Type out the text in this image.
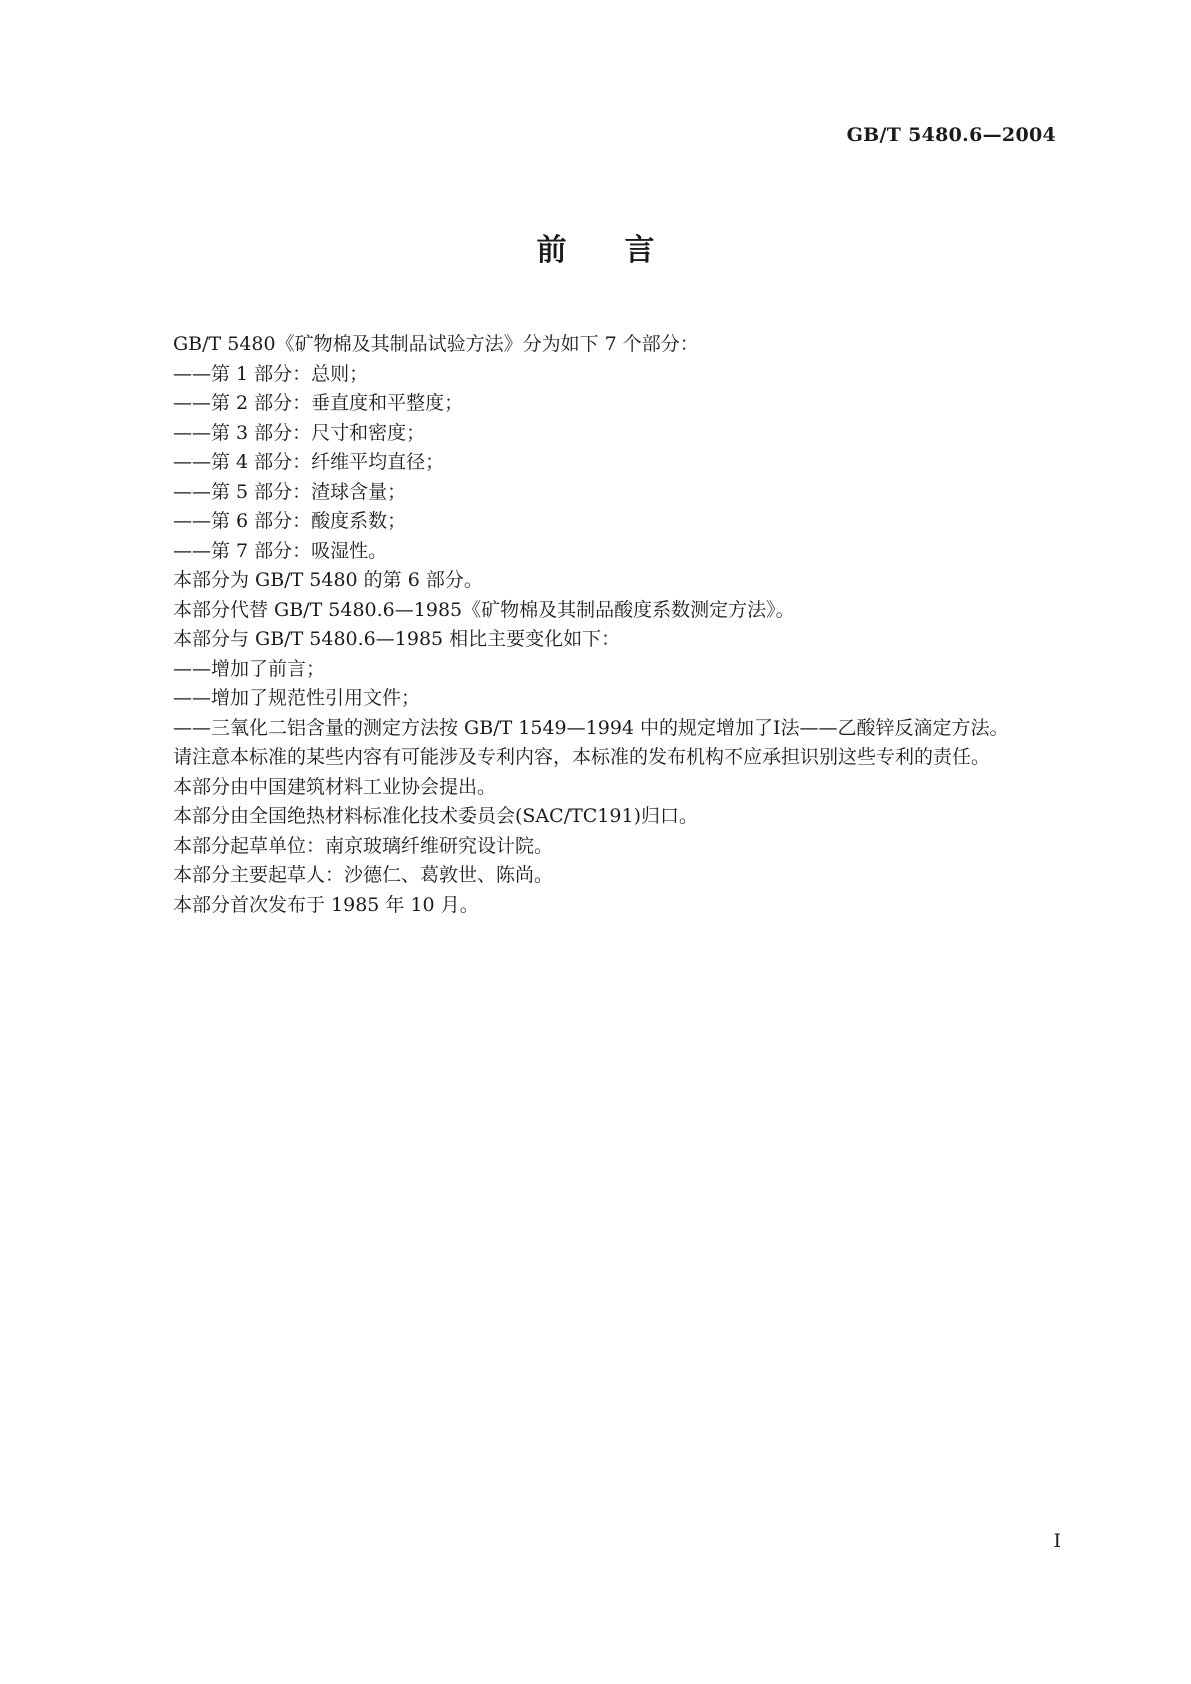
GB/T 5480.6—2004
前言

GB/T 5480《矿物棉及其制品试验方法》分为如下 7 个部分：

——第 1 部分：总则；

——第 2 部分：垂直度和平整度；

——第 3 部分：尺寸和密度；

——第 4 部分：纤维平均直径；

——第 5 部分：渣球含量；

——第 6 部分：酸度系数；

——第 7 部分：吸湿性。

本部分为 GB/T 5480 的第 6 部分。

本部分代替 GB/T 5480.6—1985《矿物棉及其制品酸度系数测定方法》。

本部分与 GB/T 5480.6—1985 相比主要变化如下：

——增加了前言；

——增加了规范性引用文件；

——三氧化二铝含量的测定方法按 GB/T 1549—1994 中的规定增加了Ⅰ法——乙酸锌反滴定方法。

请注意本标准的某些内容有可能涉及专利内容，本标准的发布机构不应承担识别这些专利的责任。

本部分由中国建筑材料工业协会提出。

本部分由全国绝热材料标准化技术委员会(SAC/TC191)归口。

本部分起草单位：南京玻璃纤维研究设计院。

本部分主要起草人：沙德仁、葛敦世、陈尚。

本部分首次发布于 1985 年 10 月。

Ⅰ
